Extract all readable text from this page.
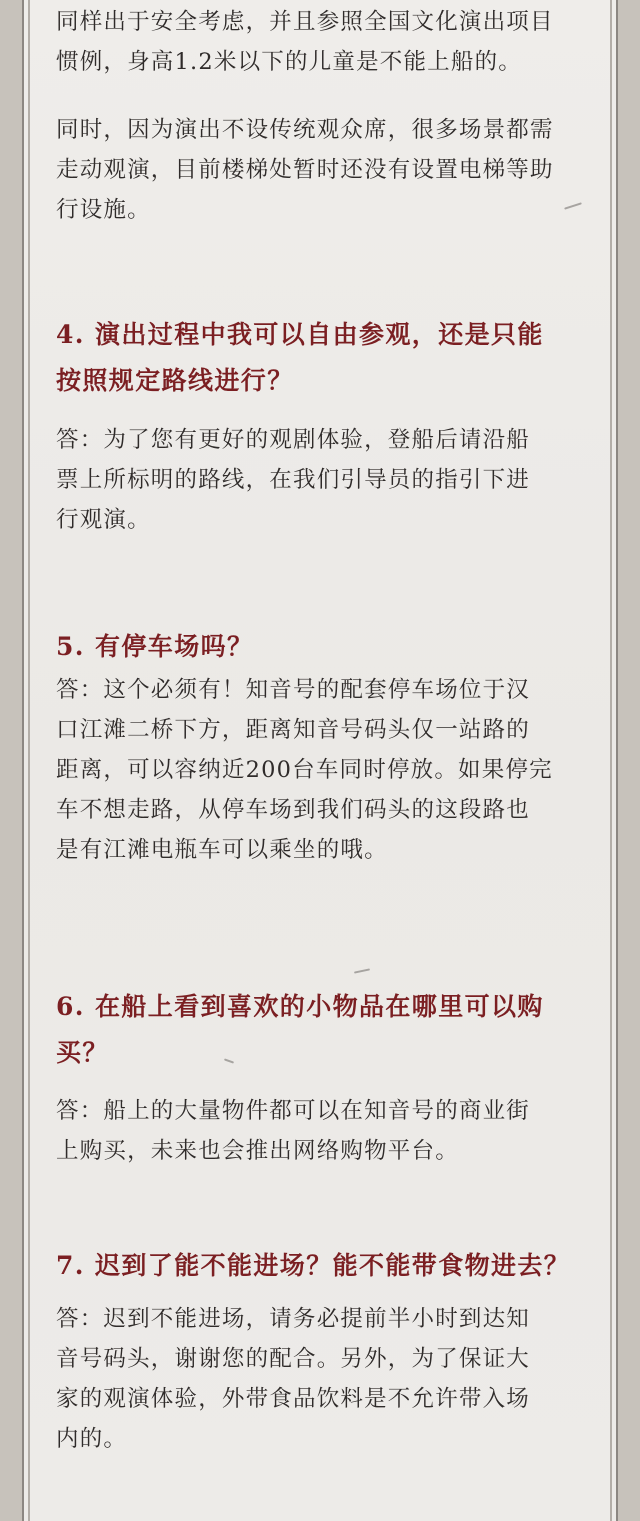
同样出于安全考虑，并且参照全国文化演出项目
惯例，身高1.2米以下的儿童是不能上船的。
同时，因为演出不设传统观众席，很多场景都需
走动观演，目前楼梯处暂时还没有设置电梯等助
行设施。
4. 演出过程中我可以自由参观，还是只能
按照规定路线进行？
答：为了您有更好的观剧体验，登船后请沿船
票上所标明的路线，在我们引导员的指引下进
行观演。
5. 有停车场吗？
答：这个必须有！知音号的配套停车场位于汉
口江滩二桥下方，距离知音号码头仅一站路的
距离，可以容纳近200台车同时停放。如果停完
车不想走路，从停车场到我们码头的这段路也
是有江滩电瓶车可以乘坐的哦。
6. 在船上看到喜欢的小物品在哪里可以购
买？
答：船上的大量物件都可以在知音号的商业街
上购买，未来也会推出网络购物平台。
7. 迟到了能不能进场？能不能带食物进去？
答：迟到不能进场，请务必提前半小时到达知
音号码头，谢谢您的配合。另外，为了保证大
家的观演体验，外带食品饮料是不允许带入场
内的。
